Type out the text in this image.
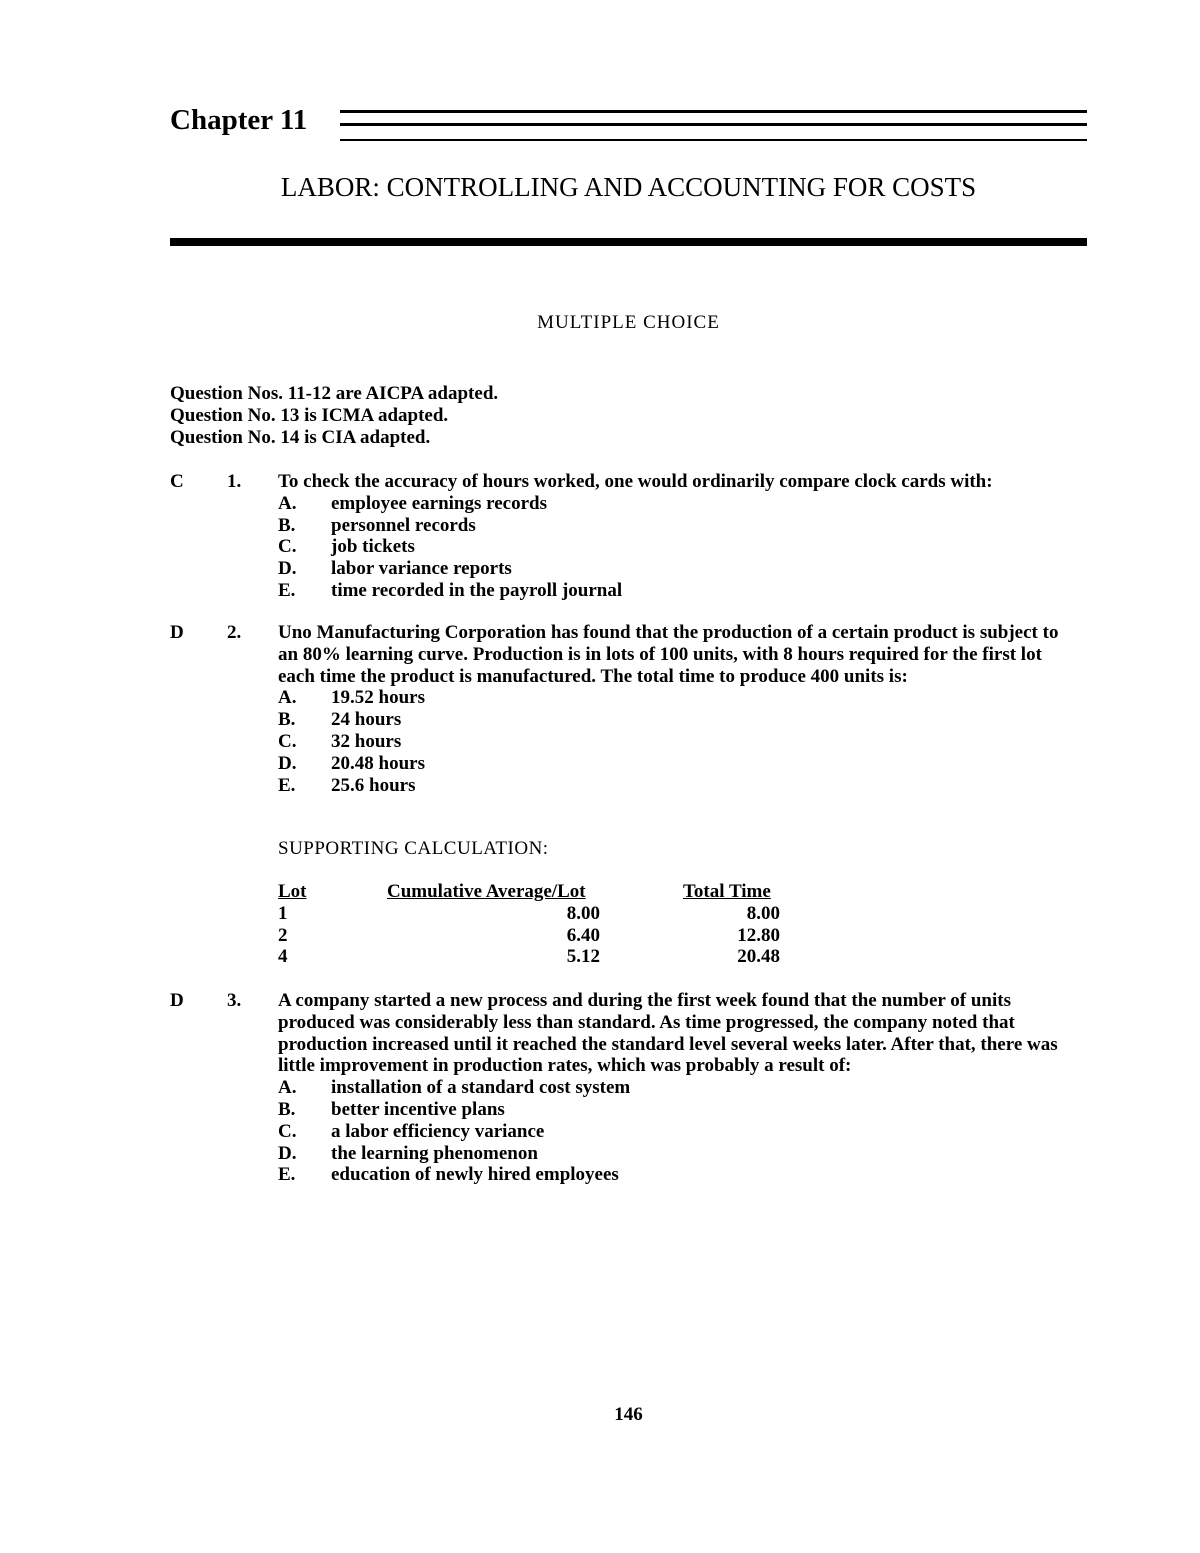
Chapter 11
LABOR: CONTROLLING AND ACCOUNTING FOR COSTS
MULTIPLE CHOICE
Question Nos. 11-12 are AICPA adapted.
Question No. 13 is ICMA adapted.
Question No. 14 is CIA adapted.
C 1. To check the accuracy of hours worked, one would ordinarily compare clock cards with:
A. employee earnings records
B. personnel records
C. job tickets
D. labor variance reports
E. time recorded in the payroll journal
D 2. Uno Manufacturing Corporation has found that the production of a certain product is subject to an 80% learning curve. Production is in lots of 100 units, with 8 hours required for the first lot each time the product is manufactured. The total time to produce 400 units is:
A. 19.52 hours
B. 24 hours
C. 32 hours
D. 20.48 hours
E. 25.6 hours
SUPPORTING CALCULATION:
Lot	Cumulative Average/Lot	Total Time
1	8.00	8.00
2	6.40	12.80
4	5.12	20.48
D 3. A company started a new process and during the first week found that the number of units produced was considerably less than standard. As time progressed, the company noted that production increased until it reached the standard level several weeks later. After that, there was little improvement in production rates, which was probably a result of:
A. installation of a standard cost system
B. better incentive plans
C. a labor efficiency variance
D. the learning phenomenon
E. education of newly hired employees
146
